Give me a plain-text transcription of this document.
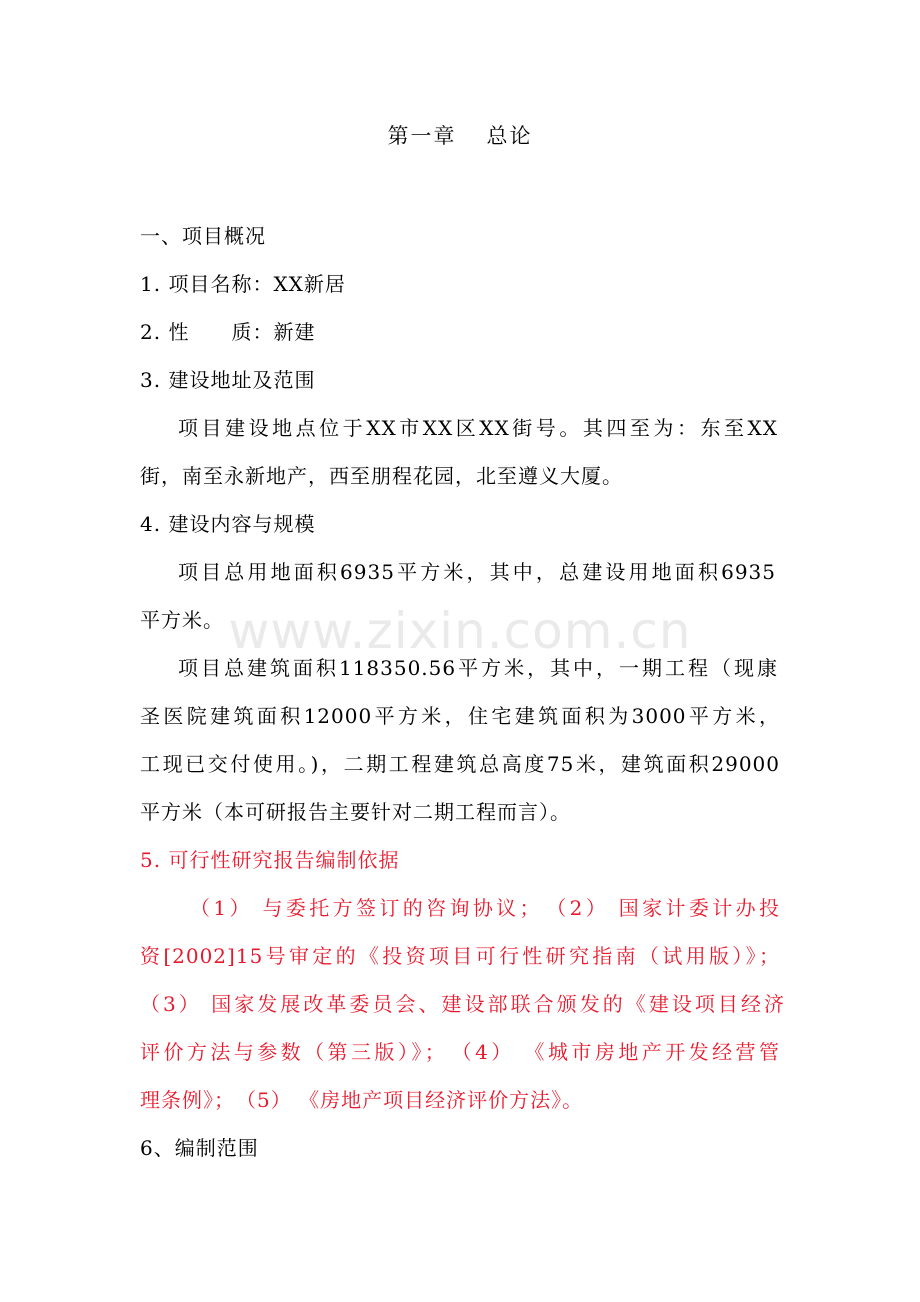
www.zixin.com.cn
第一章 总论
一、项目概况
1. 项目名称：XX新居
2. 性　　质：新建
3. 建设地址及范围
项目建设地点位于XX市XX区XX街号。其四至为：东至XX
街，南至永新地产，西至朋程花园，北至遵义大厦。
4. 建设内容与规模
项目总用地面积6935平方米，其中，总建设用地面积6935
平方米。
项目总建筑面积118350.56平方米，其中，一期工程（现康
圣医院建筑面积12000平方米，住宅建筑面积为3000平方米，
工现已交付使用。)，二期工程建筑总高度75米，建筑面积29000
平方米（本可研报告主要针对二期工程而言）。
5. 可行性研究报告编制依据
（1） 与委托方签订的咨询协议；　（2） 国家计委计办投
资[2002]15号审定的《投资项目可行性研究指南（试用版）》；
（3） 国家发展改革委员会、建设部联合颁发的《建设项目经济
评价方法与参数（第三版）》；　（4） 《城市房地产开发经营管
理条例》；　（5） 《房地产项目经济评价方法》。
6、编制范围
